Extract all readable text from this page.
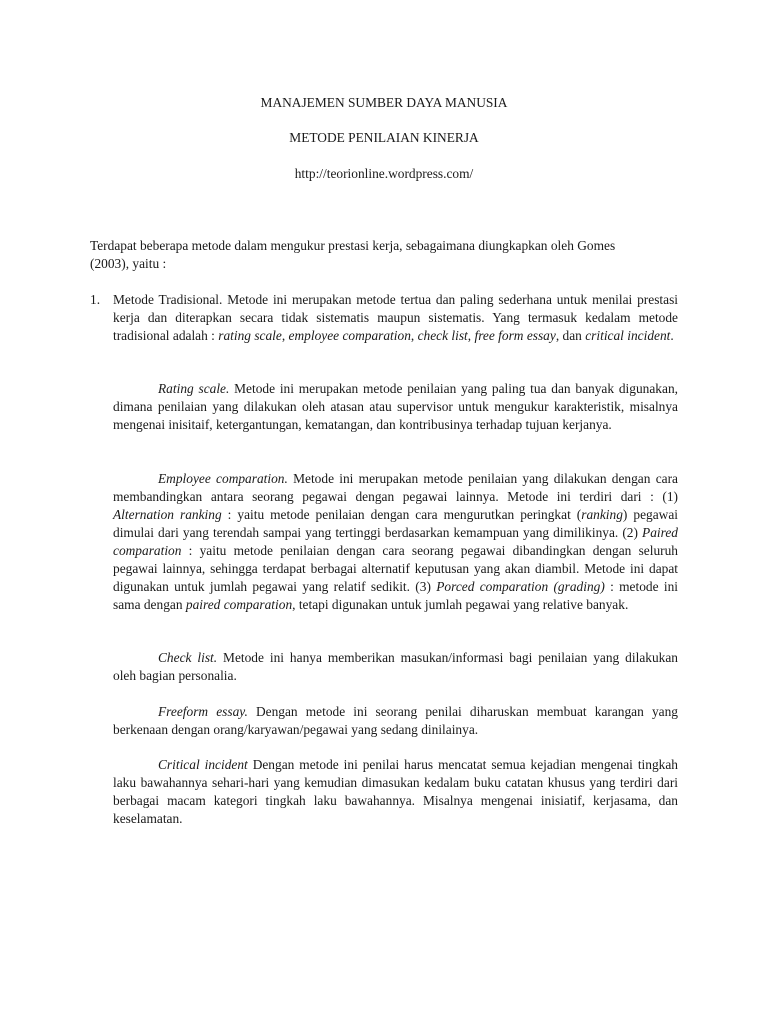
MANAJEMEN SUMBER DAYA MANUSIA

METODE PENILAIAN KINERJA

http://teorionline.wordpress.com/

Terdapat beberapa metode dalam mengukur prestasi kerja, sebagaimana diungkapkan oleh Gomes (2003), yaitu :

1. Metode Tradisional. Metode ini merupakan metode tertua dan paling sederhana untuk menilai prestasi kerja dan diterapkan secara tidak sistematis maupun sistematis. Yang termasuk kedalam metode tradisional adalah : rating scale, employee comparation, check list, free form essay, dan critical incident.

Rating scale. Metode ini merupakan metode penilaian yang paling tua dan banyak digunakan, dimana penilaian yang dilakukan oleh atasan atau supervisor untuk mengukur karakteristik, misalnya mengenai inisitaif, ketergantungan, kematangan, dan kontribusinya terhadap tujuan kerjanya.

Employee comparation. Metode ini merupakan metode penilaian yang dilakukan dengan cara membandingkan antara seorang pegawai dengan pegawai lainnya. Metode ini terdiri dari : (1) Alternation ranking : yaitu metode penilaian dengan cara mengurutkan peringkat (ranking) pegawai dimulai dari yang terendah sampai yang tertinggi berdasarkan kemampuan yang dimilikinya. (2) Paired comparation : yaitu metode penilaian dengan cara seorang pegawai dibandingkan dengan seluruh pegawai lainnya, sehingga terdapat berbagai alternatif keputusan yang akan diambil. Metode ini dapat digunakan untuk jumlah pegawai yang relatif sedikit. (3) Porced comparation (grading) : metode ini sama dengan paired comparation, tetapi digunakan untuk jumlah pegawai yang relative banyak.

Check list. Metode ini hanya memberikan masukan/informasi bagi penilaian yang dilakukan oleh bagian personalia.

Freeform essay. Dengan metode ini seorang penilai diharuskan membuat karangan yang berkenaan dengan orang/karyawan/pegawai yang sedang dinilainya.

Critical incident Dengan metode ini penilai harus mencatat semua kejadian mengenai tingkah laku bawahannya sehari-hari yang kemudian dimasukan kedalam buku catatan khusus yang terdiri dari berbagai macam kategori tingkah laku bawahannya. Misalnya mengenai inisiatif, kerjasama, dan keselamatan.
